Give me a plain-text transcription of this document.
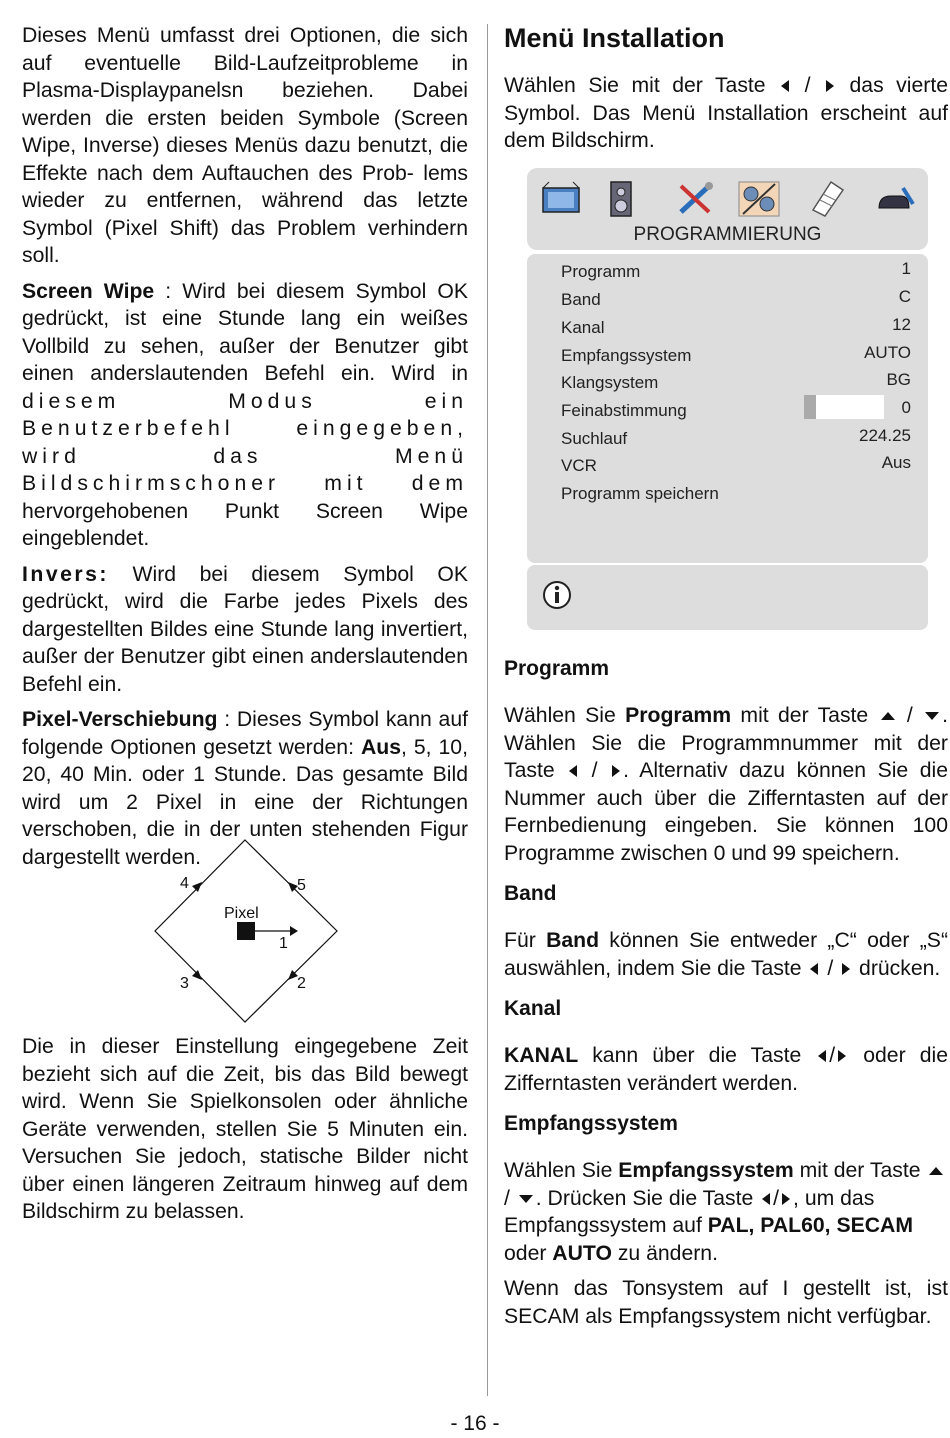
Dieses Menü umfasst drei Optionen, die sich auf eventuelle Bild-Laufzeitprobleme in Plasma-Displaypanelsn beziehen. Dabei werden die ersten beiden Symbole (Screen Wipe, Inverse) dieses Menüs dazu benutzt, die Effekte nach dem Auftauchen des Prob- lems wieder zu entfernen, während das letzte Symbol (Pixel Shift) das Problem verhindern soll.

Screen Wipe : Wird bei diesem Symbol OK gedrückt, ist eine Stunde lang ein weißes Vollbild zu sehen, außer der Benutzer gibt einen anderslautenden Befehl ein. Wird in diesem Modus ein Benutzerbefehl eingegeben, wird das Menü Bildschirmschoner mit dem hervorgehobenen Punkt Screen Wipe eingeblendet.

Invers: Wird bei diesem Symbol OK gedrückt, wird die Farbe jedes Pixels des dargestellten Bildes eine Stunde lang invertiert, außer der Benutzer gibt einen anderslautenden Befehl ein.

Pixel-Verschiebung : Dieses Symbol kann auf folgende Optionen gesetzt werden: Aus, 5, 10, 20, 40 Min. oder 1 Stunde. Das gesamte Bild wird um 2 Pixel in eine der Richtungen verschoben, die in der unten stehenden Figur dargestellt werden.

Pixel
1
2
3
4	5

Die in dieser Einstellung eingegebene Zeit bezieht sich auf die Zeit, bis das Bild bewegt wird. Wenn Sie Spielkonsolen oder ähnliche Geräte verwenden, stellen Sie 5 Minuten ein. Versuchen Sie jedoch, statische Bilder nicht über einen längeren Zeitraum hinweg auf dem Bildschirm zu belassen.

Menü Installation

Wählen Sie mit der Taste  /  das vierte Symbol. Das Menü Installation erscheint auf dem Bildschirm.

PROGRAMMIERUNG
Programm	1
Band	C
Kanal	12
Empfangssystem	AUTO
Klangsystem	BG
Feinabstimmung	0
Suchlauf	224.25
VCR	Aus
Programm speichern
Programm

Wählen Sie Programm mit der Taste  / . Wählen Sie die Programmnummer mit der Taste  / . Alternativ dazu können Sie die Nummer auch über die Zifferntasten auf der Fernbedienung eingeben. Sie können 100 Programme zwischen 0 und 99 speichern.

Band

Für Band können Sie entweder „C“ oder „S“ auswählen, indem Sie die Taste  /  drücken.

Kanal

KANAL kann über die Taste / oder die Zifferntasten verändert werden.

Empfangssystem

Wählen Sie Empfangssystem mit der Taste  / . Drücken Sie die Taste / , um das Empfangssystem auf PAL, PAL60, SECAM oder AUTO zu ändern.

Wenn das Tonsystem auf I gestellt ist, ist SECAM als Empfangssystem nicht verfügbar.

- 16 -
